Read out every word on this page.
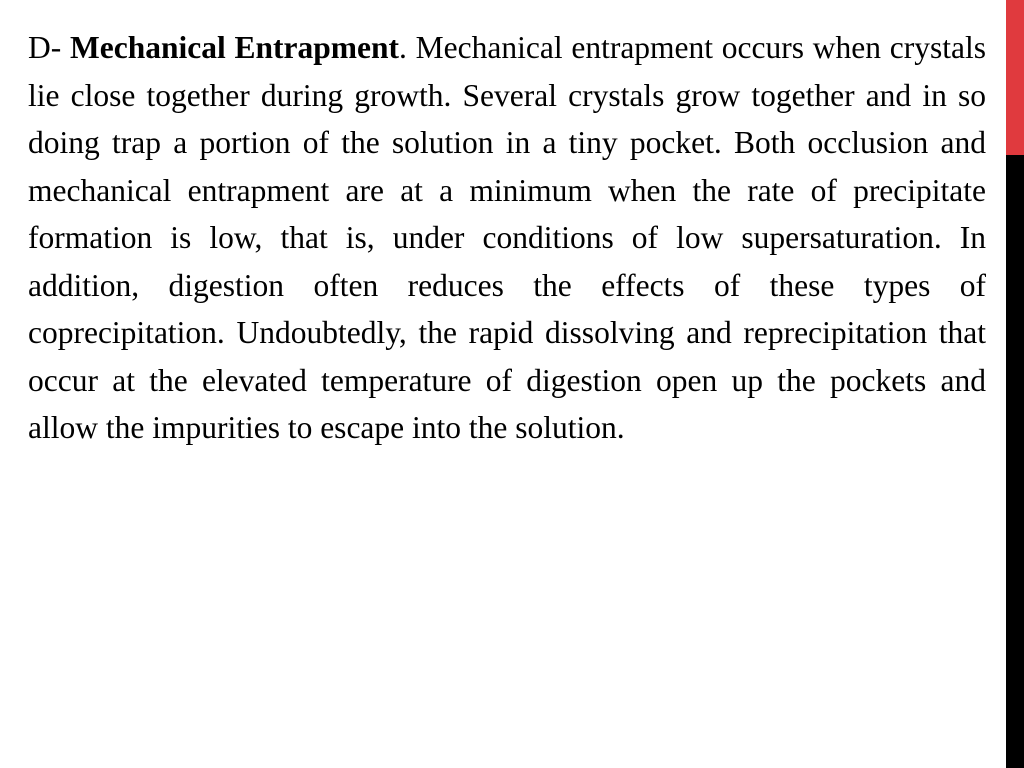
D- Mechanical Entrapment. Mechanical entrapment occurs when crystals lie close together during growth. Several crystals grow together and in so doing trap a portion of the solution in a tiny pocket. Both occlusion and mechanical entrapment are at a minimum when the rate of precipitate formation is low, that is, under conditions of low supersaturation. In addition, digestion often reduces the effects of these types of coprecipitation. Undoubtedly, the rapid dissolving and reprecipitation that occur at the elevated temperature of digestion open up the pockets and allow the impurities to escape into the solution.
